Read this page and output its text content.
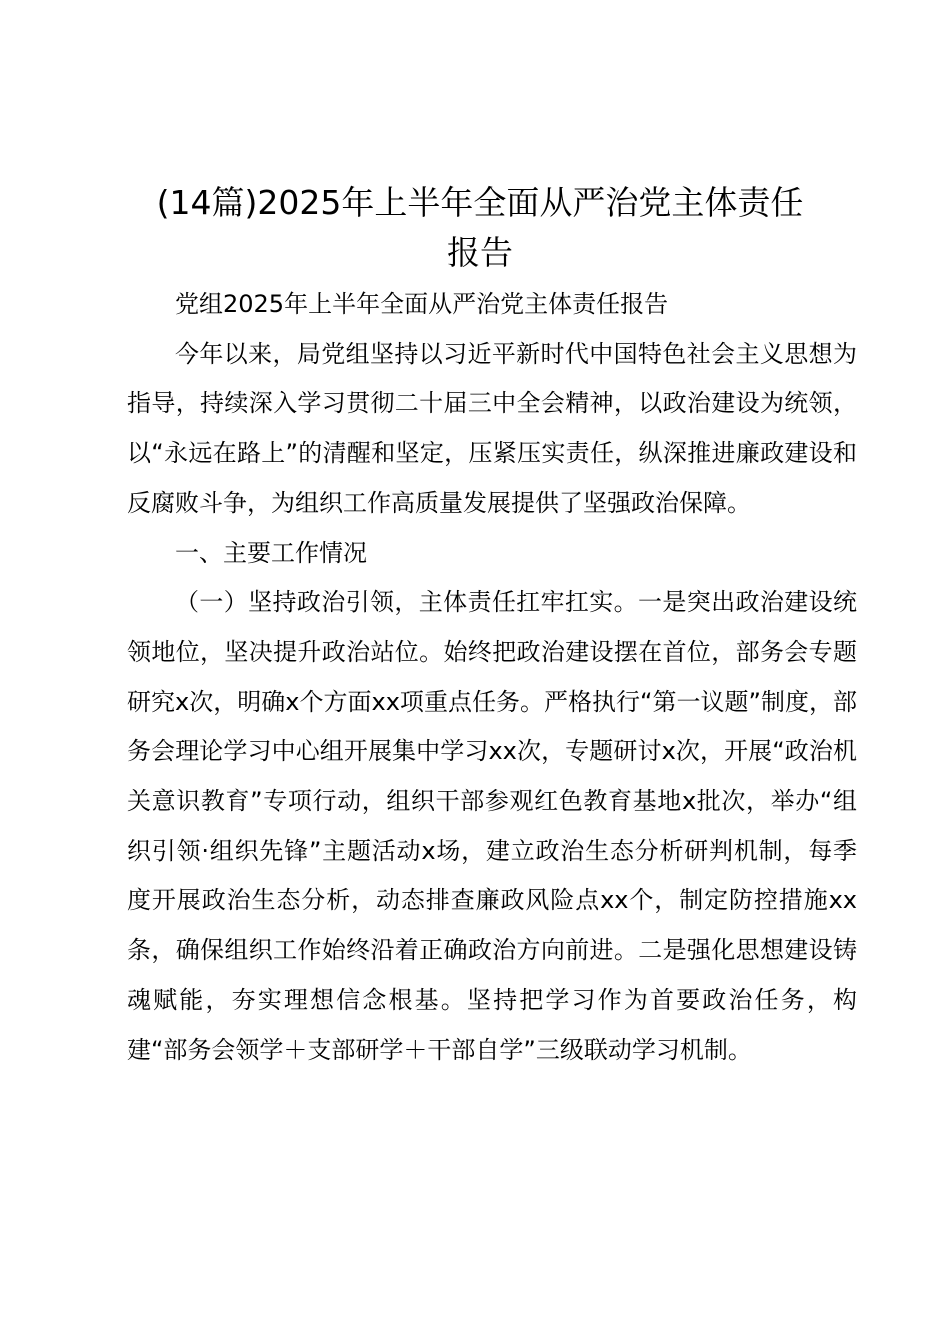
(14篇)2025年上半年全面从严治党主体责任
报告

党组2025年上半年全面从严治党主体责任报告

今年以来，局党组坚持以习近平新时代中国特色社会主义思想为指导，持续深入学习贯彻二十届三中全会精神，以政治建设为统领，以“永远在路上”的清醒和坚定，压紧压实责任，纵深推进廉政建设和反腐败斗争，为组织工作高质量发展提供了坚强政治保障。

一、主要工作情况

（一）坚持政治引领，主体责任扛牢扛实。一是突出政治建设统领地位，坚决提升政治站位。始终把政治建设摆在首位，部务会专题研究x次，明确x个方面xx项重点任务。严格执行“第一议题”制度，部务会理论学习中心组开展集中学习xx次，专题研讨x次，开展“政治机关意识教育”专项行动，组织干部参观红色教育基地x批次，举办“组织引领·组织先锋”主题活动x场，建立政治生态分析研判机制，每季度开展政治生态分析，动态排查廉政风险点xx个，制定防控措施xx条，确保组织工作始终沿着正确政治方向前进。二是强化思想建设铸魂赋能，夯实理想信念根基。坚持把学习作为首要政治任务，构建“部务会领学＋支部研学＋干部自学”三级联动学习机制。
